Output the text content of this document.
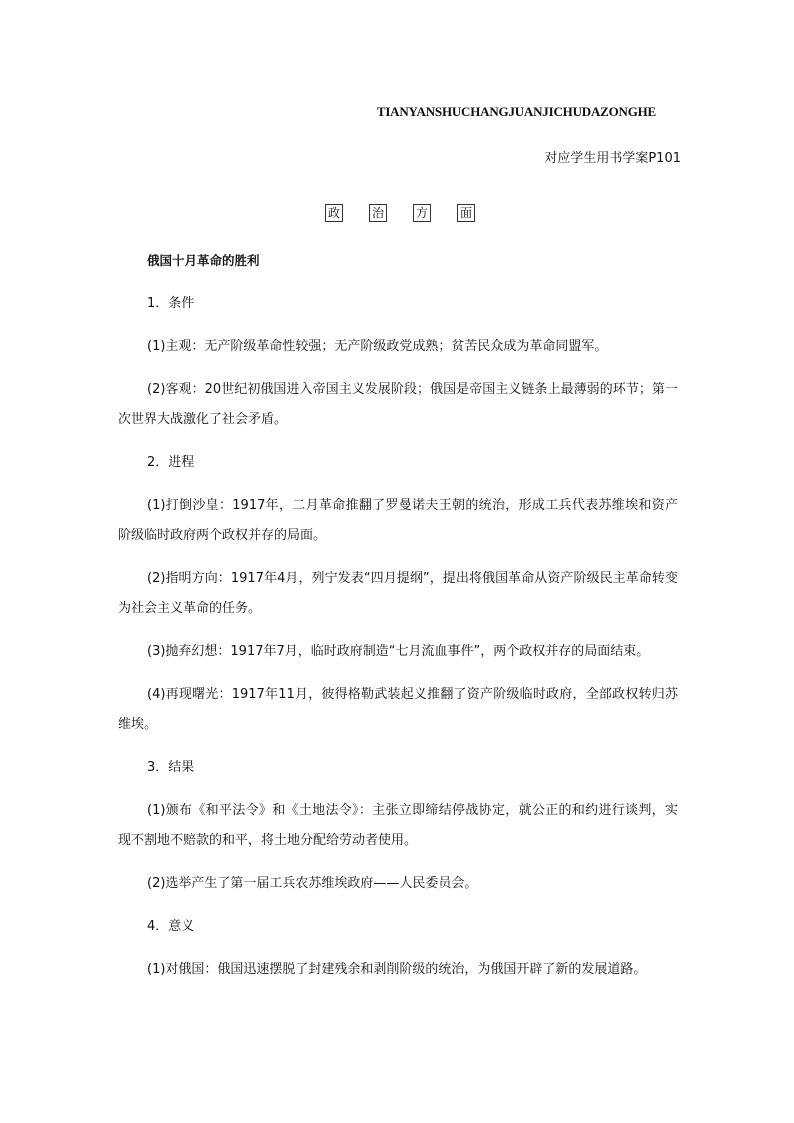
TIANYANSHUCHANGJUANJICHUDAZONGHE
对应学生用书学案P101
政	治	方	面
俄国十月革命的胜利
1．条件
(1)主观：无产阶级革命性较强；无产阶级政党成熟；贫苦民众成为革命同盟军。
(2)客观：20世纪初俄国进入帝国主义发展阶段；俄国是帝国主义链条上最薄弱的环节；第一次世界大战激化了社会矛盾。
2．进程
(1)打倒沙皇：1917年，二月革命推翻了罗曼诺夫王朝的统治，形成工兵代表苏维埃和资产阶级临时政府两个政权并存的局面。
(2)指明方向：1917年4月，列宁发表“四月提纲”，提出将俄国革命从资产阶级民主革命转变为社会主义革命的任务。
(3)抛弃幻想：1917年7月，临时政府制造“七月流血事件”，两个政权并存的局面结束。
(4)再现曙光：1917年11月，彼得格勒武装起义推翻了资产阶级临时政府，全部政权转归苏维埃。
3．结果
(1)颁布《和平法令》和《土地法令》：主张立即缔结停战协定，就公正的和约进行谈判，实现不割地不赔款的和平，将土地分配给劳动者使用。
(2)选举产生了第一届工兵农苏维埃政府——人民委员会。
4．意义
(1)对俄国：俄国迅速摆脱了封建残余和剥削阶级的统治，为俄国开辟了新的发展道路。
